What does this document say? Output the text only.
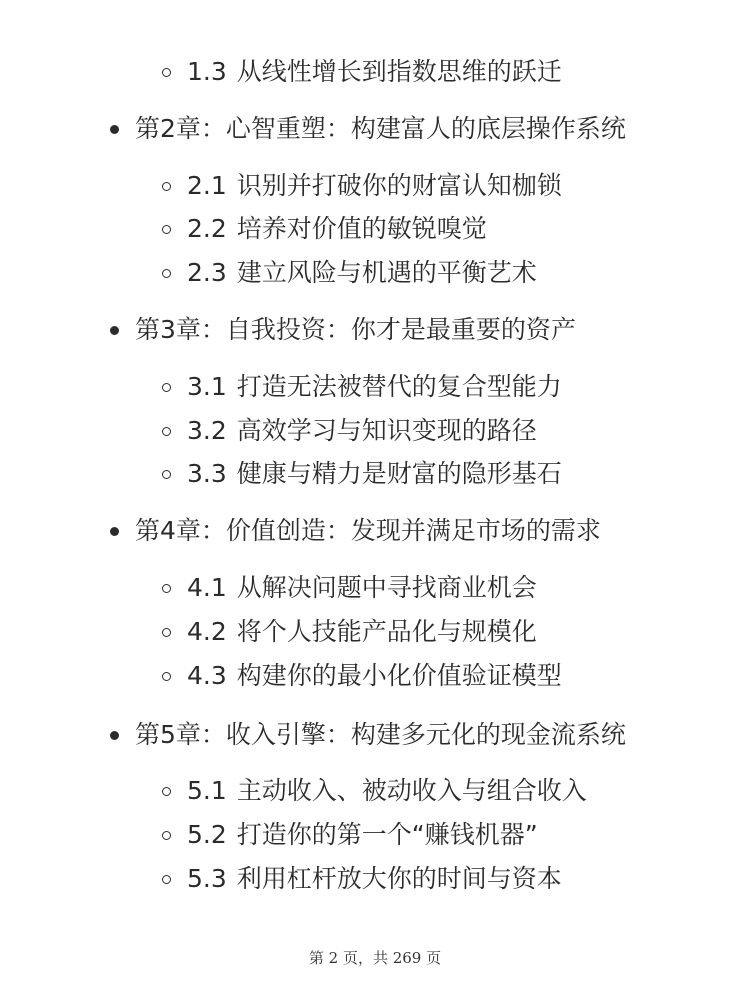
1.3 从线性增长到指数思维的跃迁
第2章：心智重塑：构建富人的底层操作系统
2.1 识别并打破你的财富认知枷锁
2.2 培养对价值的敏锐嗅觉
2.3 建立风险与机遇的平衡艺术
第3章：自我投资：你才是最重要的资产
3.1 打造无法被替代的复合型能力
3.2 高效学习与知识变现的路径
3.3 健康与精力是财富的隐形基石
第4章：价值创造：发现并满足市场的需求
4.1 从解决问题中寻找商业机会
4.2 将个人技能产品化与规模化
4.3 构建你的最小化价值验证模型
第5章：收入引擎：构建多元化的现金流系统
5.1 主动收入、被动收入与组合收入
5.2 打造你的第一个“赚钱机器”
5.3 利用杠杆放大你的时间与资本
第 2 页，共 269 页
